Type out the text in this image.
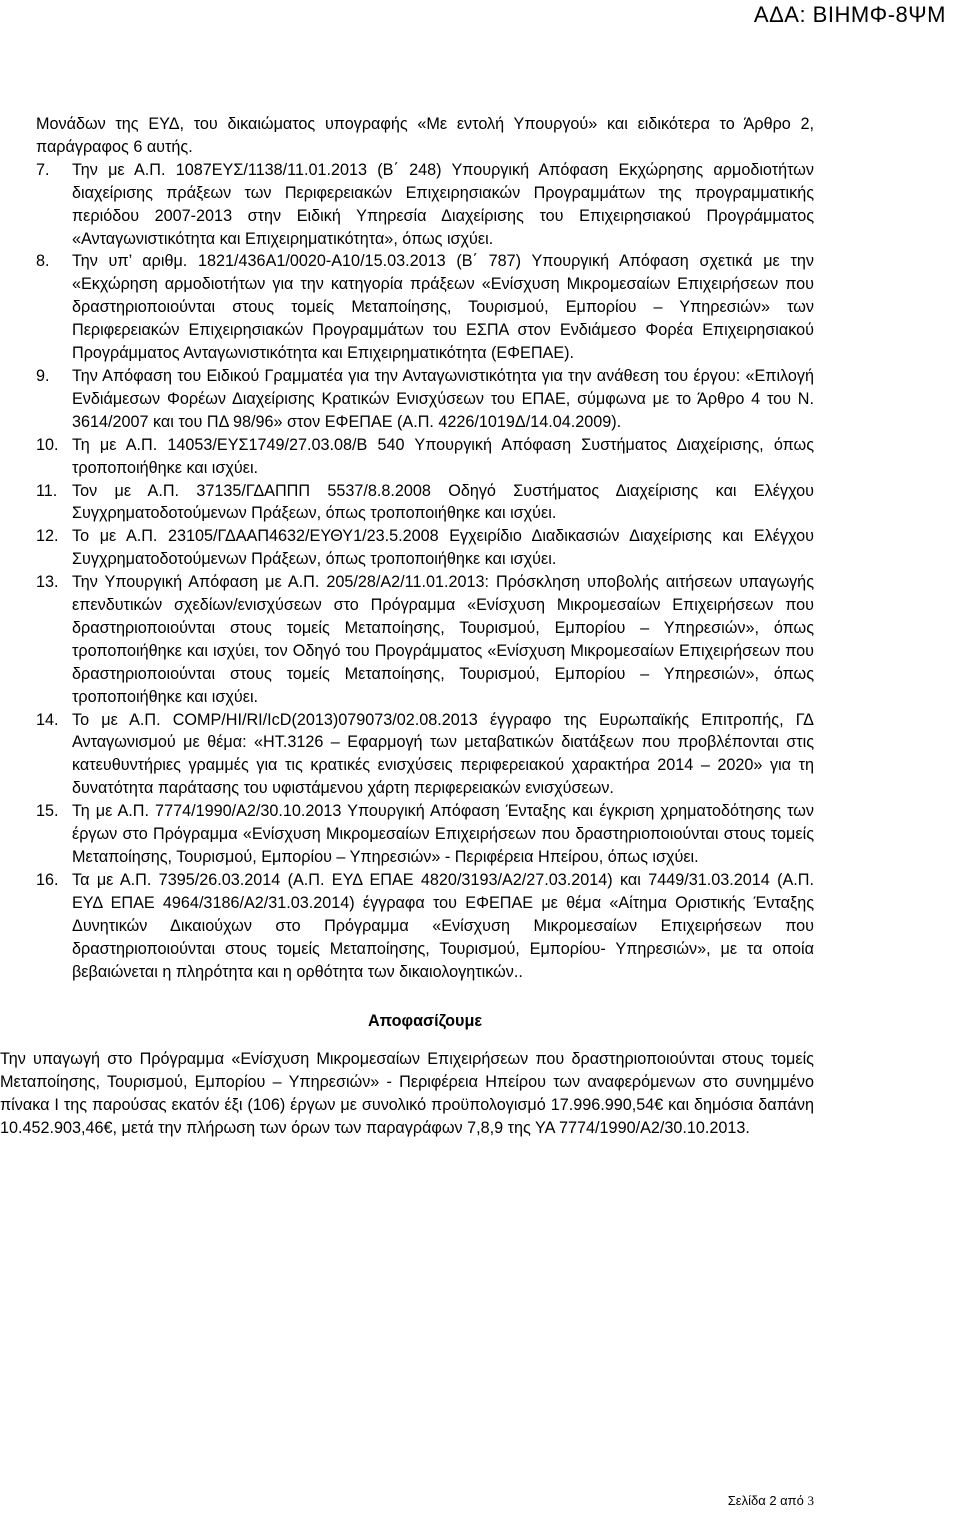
ΑΔΑ: ΒΙΗΜΦ-8ΨΜ
Μονάδων της ΕΥΔ, του δικαιώματος υπογραφής «Με εντολή Υπουργού» και ειδικότερα το Άρθρο 2, παράγραφος 6 αυτής.
7.	Την με Α.Π. 1087ΕΥΣ/1138/11.01.2013 (Β΄ 248) Υπουργική Απόφαση Εκχώρησης αρμοδιοτήτων διαχείρισης πράξεων των Περιφερειακών Επιχειρησιακών Προγραμμάτων της προγραμματικής περιόδου 2007-2013 στην Ειδική Υπηρεσία Διαχείρισης του Επιχειρησιακού Προγράμματος «Ανταγωνιστικότητα και Επιχειρηματικότητα», όπως ισχύει.
8.	Την υπ’ αριθμ. 1821/436Α1/0020-Α10/15.03.2013 (Β΄ 787) Υπουργική Απόφαση σχετικά με την «Εκχώρηση αρμοδιοτήτων για την κατηγορία πράξεων «Ενίσχυση Μικρομεσαίων Επιχειρήσεων που δραστηριοποιούνται στους τομείς Μεταποίησης, Τουρισμού, Εμπορίου – Υπηρεσιών» των Περιφερειακών Επιχειρησιακών Προγραμμάτων του ΕΣΠΑ στον Ενδιάμεσο Φορέα Επιχειρησιακού Προγράμματος Ανταγωνιστικότητα και Επιχειρηματικότητα (ΕΦΕΠΑΕ).
9.	Την Απόφαση του Ειδικού Γραμματέα για την Ανταγωνιστικότητα για την ανάθεση του έργου: «Επιλογή Ενδιάμεσων Φορέων Διαχείρισης Κρατικών Ενισχύσεων του ΕΠΑΕ, σύμφωνα με το Άρθρο 4 του Ν. 3614/2007 και του ΠΔ 98/96» στον ΕΦΕΠΑΕ (Α.Π. 4226/1019Δ/14.04.2009).
10. Τη με Α.Π. 14053/ΕΥΣ1749/27.03.08/Β 540 Υπουργική Απόφαση Συστήματος Διαχείρισης, όπως τροποποιήθηκε και ισχύει.
11. Τον με Α.Π. 37135/ΓΔΑΠΠΠ 5537/8.8.2008 Οδηγό Συστήματος Διαχείρισης και Ελέγχου Συγχρηματοδοτούμενων Πράξεων, όπως τροποποιήθηκε και ισχύει.
12. Το με Α.Π. 23105/ΓΔΑΑΠ4632/ΕΥΘΥ1/23.5.2008 Εγχειρίδιο Διαδικασιών Διαχείρισης και Ελέγχου Συγχρηματοδοτούμενων Πράξεων, όπως τροποποιήθηκε και ισχύει.
13. Την Υπουργική Απόφαση με Α.Π. 205/28/Α2/11.01.2013: Πρόσκληση υποβολής αιτήσεων υπαγωγής επενδυτικών σχεδίων/ενισχύσεων στο Πρόγραμμα «Ενίσχυση Μικρομεσαίων Επιχειρήσεων που δραστηριοποιούνται στους τομείς Μεταποίησης, Τουρισμού, Εμπορίου – Υπηρεσιών», όπως τροποποιήθηκε και ισχύει, τον Οδηγό του Προγράμματος «Ενίσχυση Μικρομεσαίων Επιχειρήσεων που δραστηριοποιούνται στους τομείς Μεταποίησης, Τουρισμού, Εμπορίου – Υπηρεσιών», όπως τροποποιήθηκε και ισχύει.
14. Το με Α.Π. COMP/HI/RI/IcD(2013)079073/02.08.2013 έγγραφο της Ευρωπαϊκής Επιτροπής, ΓΔ Ανταγωνισμού με θέμα: «HT.3126 – Εφαρμογή των μεταβατικών διατάξεων που προβλέπονται στις κατευθυντήριες γραμμές για τις κρατικές ενισχύσεις περιφερειακού χαρακτήρα 2014 – 2020» για τη δυνατότητα παράτασης του υφιστάμενου χάρτη περιφερειακών ενισχύσεων.
15. Τη με Α.Π. 7774/1990/Α2/30.10.2013 Υπουργική Απόφαση Ένταξης και έγκριση χρηματοδότησης των έργων στο Πρόγραμμα «Ενίσχυση Μικρομεσαίων Επιχειρήσεων που δραστηριοποιούνται στους τομείς Μεταποίησης, Τουρισμού, Εμπορίου – Υπηρεσιών» - Περιφέρεια Ηπείρου, όπως ισχύει.
16. Τα με Α.Π. 7395/26.03.2014 (Α.Π. ΕΥΔ ΕΠΑΕ 4820/3193/Α2/27.03.2014) και 7449/31.03.2014 (Α.Π. ΕΥΔ ΕΠΑΕ 4964/3186/Α2/31.03.2014) έγγραφα του ΕΦΕΠΑΕ με θέμα «Αίτημα Οριστικής Ένταξης Δυνητικών Δικαιούχων στο Πρόγραμμα «Ενίσχυση Μικρομεσαίων Επιχειρήσεων που δραστηριοποιούνται στους τομείς Μεταποίησης, Τουρισμού, Εμπορίου- Υπηρεσιών», με τα οποία βεβαιώνεται η πληρότητα και η ορθότητα των δικαιολογητικών..
Αποφασίζουμε
Την υπαγωγή στο Πρόγραμμα «Ενίσχυση Μικρομεσαίων Επιχειρήσεων που δραστηριοποιούνται στους τομείς Μεταποίησης, Τουρισμού, Εμπορίου – Υπηρεσιών» - Περιφέρεια Ηπείρου των αναφερόμενων στο συνημμένο πίνακα Ι της παρούσας εκατόν έξι (106) έργων με συνολικό προϋπολογισμό 17.996.990,54€ και δημόσια δαπάνη 10.452.903,46€, μετά την πλήρωση των όρων των παραγράφων 7,8,9 της ΥΑ 7774/1990/Α2/30.10.2013.
Σελίδα 2 από 3
